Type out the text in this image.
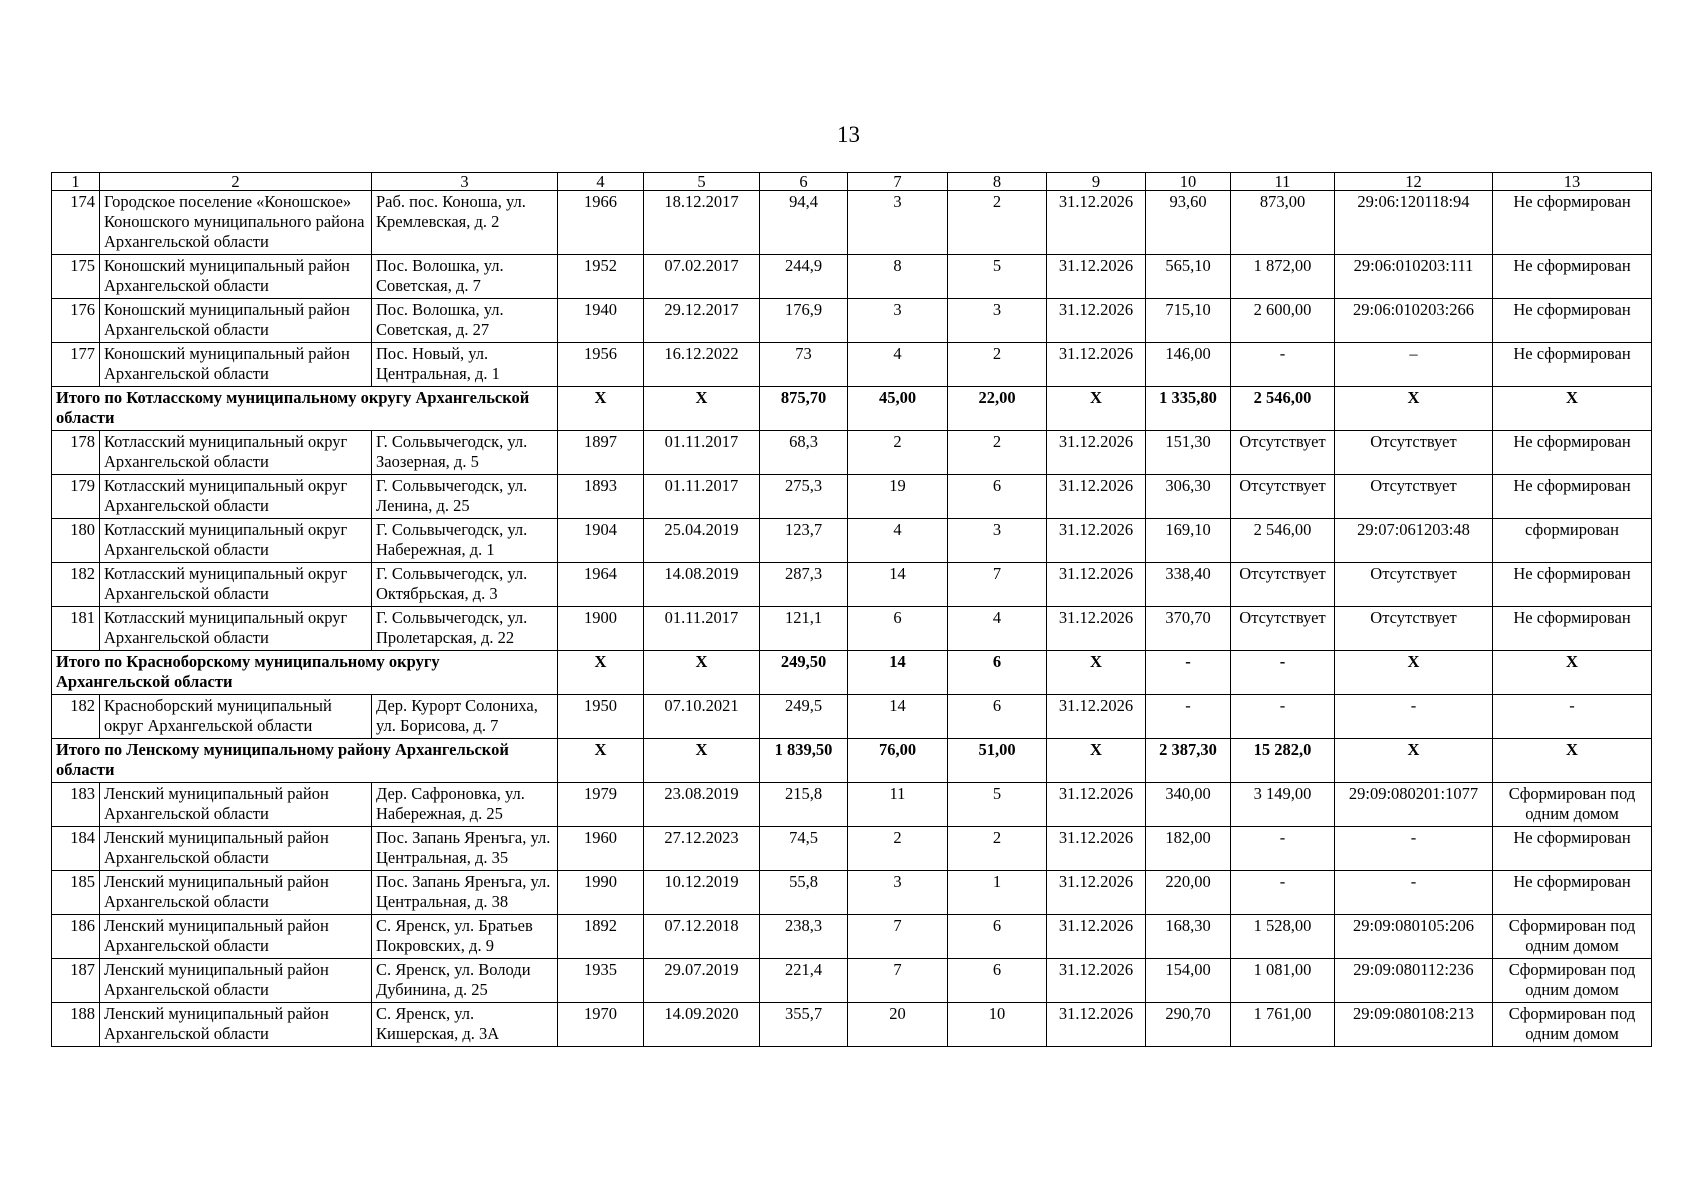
13
1	2	3	4	5	6	7	8	9	10	11	12	13
174	Городское поселение «Коношское» Коношского муниципального района Архангельской области	Раб. пос. Коноша, ул. Кремлевская, д. 2	1966	18.12.2017	94,4	3	2	31.12.2026	93,60	873,00	29:06:120118:94	Не сформирован
175	Коношский муниципальный район Архангельской области	Пос. Волошка, ул. Советская, д. 7	1952	07.02.2017	244,9	8	5	31.12.2026	565,10	1 872,00	29:06:010203:111	Не сформирован
176	Коношский муниципальный район Архангельской области	Пос. Волошка, ул. Советская, д. 27	1940	29.12.2017	176,9	3	3	31.12.2026	715,10	2 600,00	29:06:010203:266	Не сформирован
177	Коношский муниципальный район Архангельской области	Пос. Новый, ул. Центральная, д. 1	1956	16.12.2022	73	4	2	31.12.2026	146,00	-	–	Не сформирован
Итого по Котласскому муниципальному округу Архангельской области			X	X	875,70	45,00	22,00	X	1 335,80	2 546,00	X	X
178	Котласский муниципальный округ Архангельской области	Г. Сольвычегодск, ул. Заозерная, д. 5	1897	01.11.2017	68,3	2	2	31.12.2026	151,30	Отсутствует	Отсутствует	Не сформирован
179	Котласский муниципальный округ Архангельской области	Г. Сольвычегодск, ул. Ленина, д. 25	1893	01.11.2017	275,3	19	6	31.12.2026	306,30	Отсутствует	Отсутствует	Не сформирован
180	Котласский муниципальный округ Архангельской области	Г. Сольвычегодск, ул. Набережная, д. 1	1904	25.04.2019	123,7	4	3	31.12.2026	169,10	2 546,00	29:07:061203:48	сформирован
182	Котласский муниципальный округ Архангельской области	Г. Сольвычегодск, ул. Октябрьская, д. 3	1964	14.08.2019	287,3	14	7	31.12.2026	338,40	Отсутствует	Отсутствует	Не сформирован
181	Котласский муниципальный округ Архангельской области	Г. Сольвычегодск, ул. Пролетарская, д. 22	1900	01.11.2017	121,1	6	4	31.12.2026	370,70	Отсутствует	Отсутствует	Не сформирован
Итого по Красноборскому муниципальному округу Архангельской области			X	X	249,50	14	6	X	-	-	X	X
182	Красноборский муниципальный округ Архангельской области	Дер. Курорт Солониха, ул. Борисова, д. 7	1950	07.10.2021	249,5	14	6	31.12.2026	-	-	-	-
Итого по Ленскому муниципальному району Архангельской области			X	X	1 839,50	76,00	51,00	X	2 387,30	15 282,0	X	X
183	Ленский муниципальный район Архангельской области	Дер. Сафроновка, ул. Набережная, д. 25	1979	23.08.2019	215,8	11	5	31.12.2026	340,00	3 149,00	29:09:080201:1077	Сформирован под одним домом
184	Ленский муниципальный район Архангельской области	Пос. Запань Яренъга, ул. Центральная, д. 35	1960	27.12.2023	74,5	2	2	31.12.2026	182,00	-	-	Не сформирован
185	Ленский муниципальный район Архангельской области	Пос. Запань Яренъга, ул. Центральная, д. 38	1990	10.12.2019	55,8	3	1	31.12.2026	220,00	-	-	Не сформирован
186	Ленский муниципальный район Архангельской области	С. Яренск, ул. Братьев Покровских, д. 9	1892	07.12.2018	238,3	7	6	31.12.2026	168,30	1 528,00	29:09:080105:206	Сформирован под одним домом
187	Ленский муниципальный район Архангельской области	С. Яренск, ул. Володи Дубинина, д. 25	1935	29.07.2019	221,4	7	6	31.12.2026	154,00	1 081,00	29:09:080112:236	Сформирован под одним домом
188	Ленский муниципальный район Архангельской области	С. Яренск, ул. Кишерская, д. 3А	1970	14.09.2020	355,7	20	10	31.12.2026	290,70	1 761,00	29:09:080108:213	Сформирован под одним домом
